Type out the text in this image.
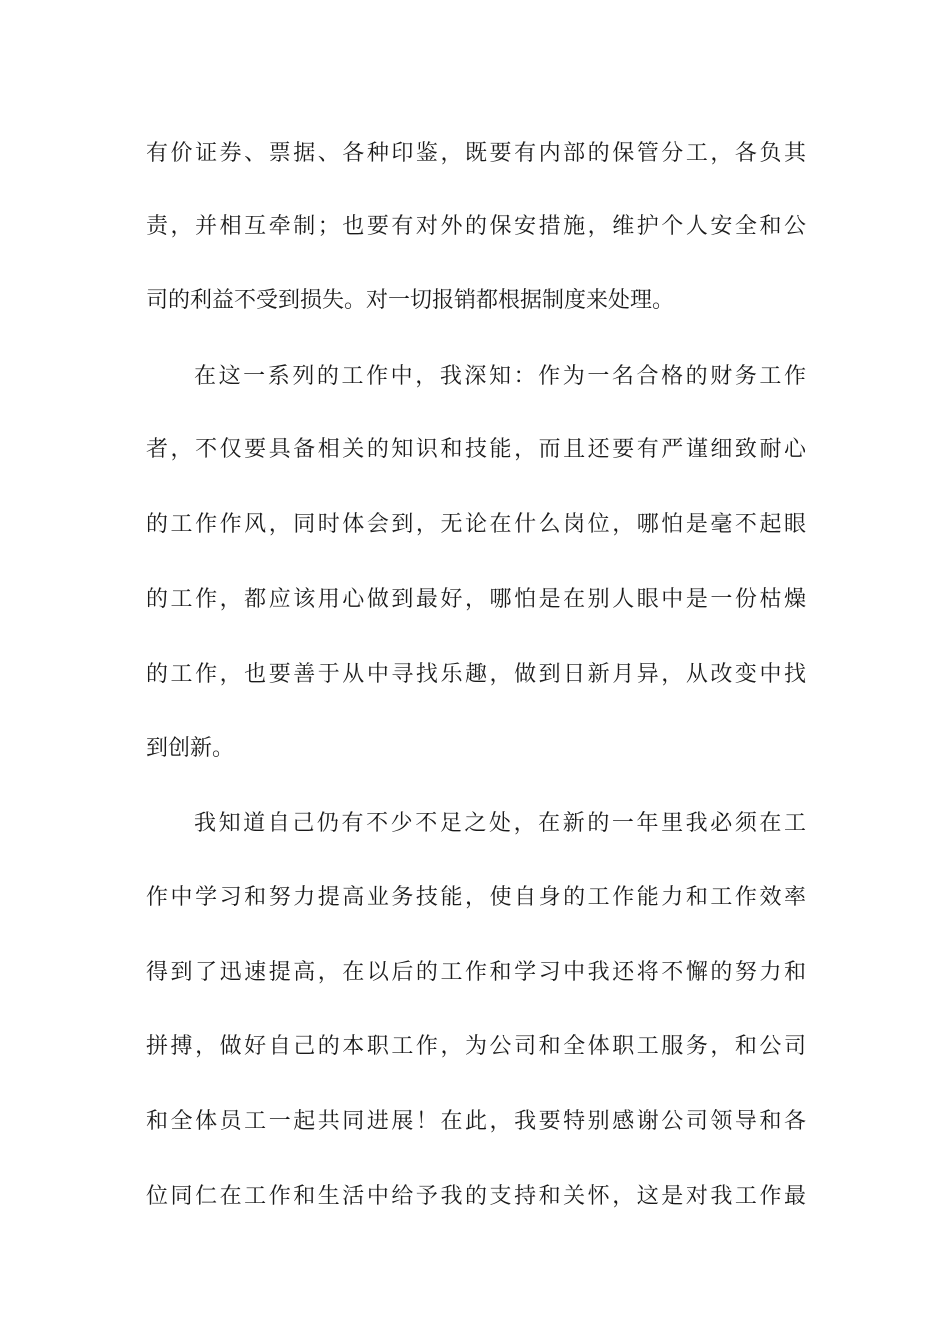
有价证券、票据、各种印鉴，既要有内部的保管分工，各负其
责，并相互牵制；也要有对外的保安措施，维护个人安全和公
司的利益不受到损失。对一切报销都根据制度来处理。
在这一系列的工作中，我深知：作为一名合格的财务工作
者，不仅要具备相关的知识和技能，而且还要有严谨细致耐心
的工作作风，同时体会到，无论在什么岗位，哪怕是毫不起眼
的工作，都应该用心做到最好，哪怕是在别人眼中是一份枯燥
的工作，也要善于从中寻找乐趣，做到日新月异，从改变中找
到创新。
我知道自己仍有不少不足之处，在新的一年里我必须在工
作中学习和努力提高业务技能，使自身的工作能力和工作效率
得到了迅速提高，在以后的工作和学习中我还将不懈的努力和
拼搏，做好自己的本职工作，为公司和全体职工服务，和公司
和全体员工一起共同进展！在此，我要特别感谢公司领导和各
位同仁在工作和生活中给予我的支持和关怀，这是对我工作最
